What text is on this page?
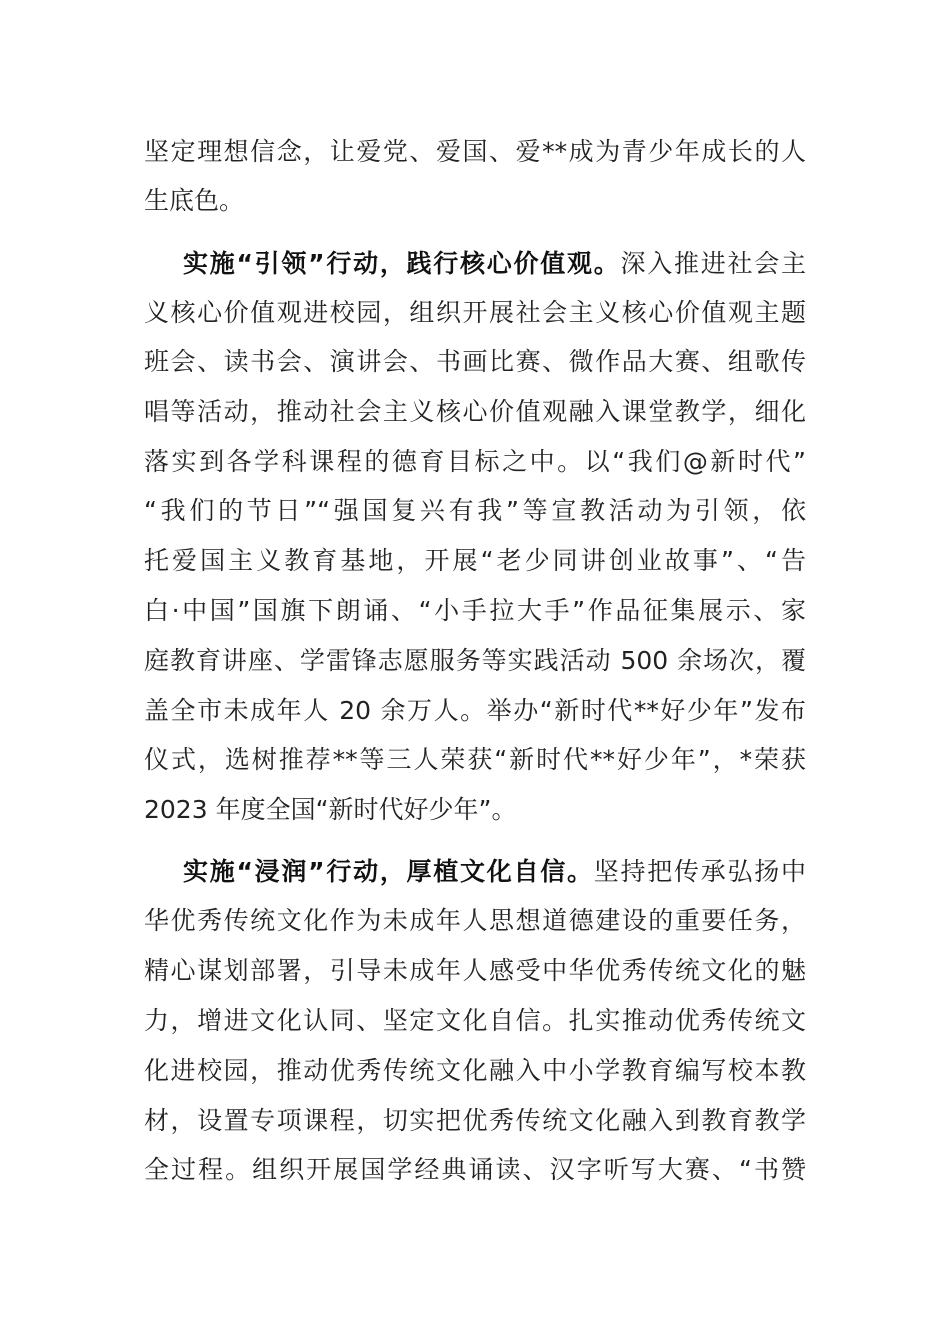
坚定理想信念，让爱党、爱国、爱**成为青少年成长的人
生底色。
实施“引领”行动，践行核心价值观。深入推进社会主
义核心价值观进校园，组织开展社会主义核心价值观主题
班会、读书会、演讲会、书画比赛、微作品大赛、组歌传
唱等活动，推动社会主义核心价值观融入课堂教学，细化
落实到各学科课程的德育目标之中。以“我们@新时代”
“我们的节日”“强国复兴有我”等宣教活动为引领，依
托爱国主义教育基地，开展“老少同讲创业故事”、“告
白·中国”国旗下朗诵、“小手拉大手”作品征集展示、家
庭教育讲座、学雷锋志愿服务等实践活动 500 余场次，覆
盖全市未成年人 20 余万人。举办“新时代**好少年”发布
仪式，选树推荐**等三人荣获“新时代**好少年”，*荣获
2023 年度全国“新时代好少年”。
实施“浸润”行动，厚植文化自信。坚持把传承弘扬中
华优秀传统文化作为未成年人思想道德建设的重要任务，
精心谋划部署，引导未成年人感受中华优秀传统文化的魅
力，增进文化认同、坚定文化自信。扎实推动优秀传统文
化进校园，推动优秀传统文化融入中小学教育编写校本教
材，设置专项课程，切实把优秀传统文化融入到教育教学
全过程。组织开展国学经典诵读、汉字听写大赛、“书赞
